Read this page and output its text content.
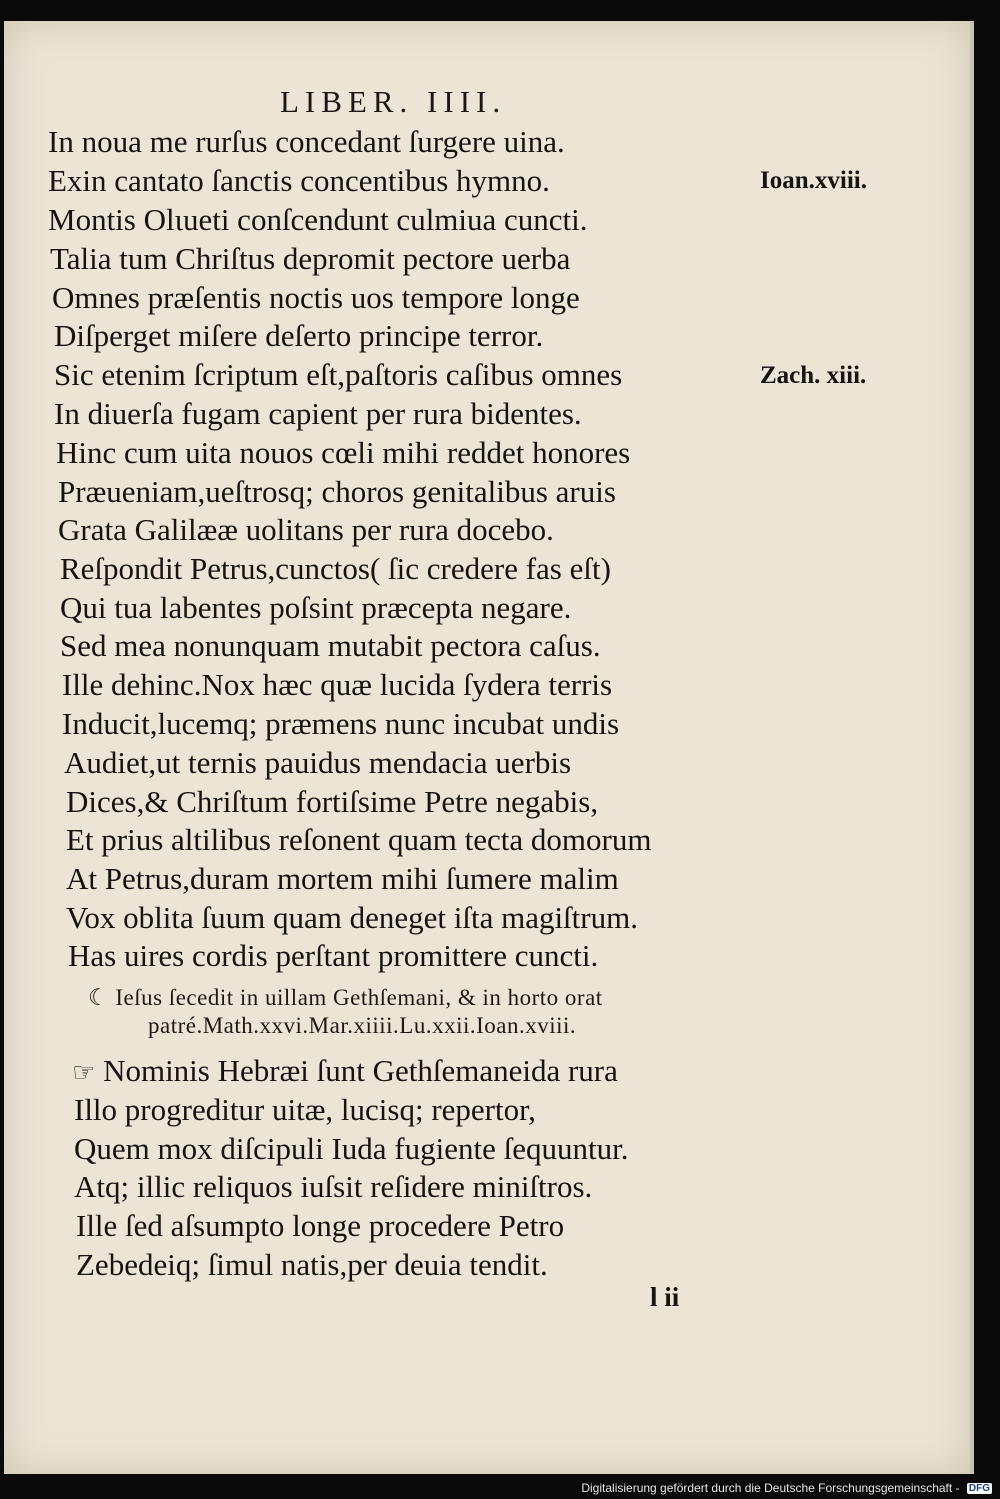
LIBER. IIII.
In noua me rurſus concedant ſurgere uina.
Exin cantato ſanctis concentibus hymno.
Montis Olιueti conſcendunt culmiua cuncti.
Talia tum Chriſtus depromit pectore uerba
Omnes præſentis noctis uos tempore longe
Diſperget miſere deſerto principe terror.
Sic etenim ſcriptum eſt,paſtoris caſibus omnes
In diuerſa fugam capient per rura bidentes.
Hinc cum uita nouos cœli mihi reddet honores
Præueniam,ueſtrosq; choros genitalibus aruis
Grata Galilææ uolitans per rura docebo.
Reſpondit Petrus,cunctos( ſic credere fas eſt)
Qui tua labentes poſsint præcepta negare.
Sed mea nonunquam mutabit pectora caſus.
Ille dehinc.Nox hæc quæ lucida ſydera terris
Inducit,lucemq; præmens nunc incubat undis
Audiet,ut ternis pauidus mendacia uerbis
Dices,& Chriſtum fortiſsime Petre negabis,
Et prius altilibus reſonent quam tecta domorum
At Petrus,duram mortem mihi ſumere malim
Vox oblita ſuum quam deneget iſta magiſtrum.
Has uires cordis perſtant promittere cuncti.
Ioan.xviii.
Zach. xiii.
☾ Ieſus ſecedit in uillam Gethſemani, & in horto orat
patré.Math.xxvi.Mar.xiiii.Lu.xxii.Ioan.xviii.
☞ Nominis Hebræi ſunt Gethſemaneida rura
Illo progreditur uitæ, lucisq; repertor,
Quem mox diſcipuli Iuda fugiente ſequuntur.
Atq; illic reliquos iuſsit reſidere miniſtros.
Ille ſed aſsumpto longe procedere Petro
Zebedeiq; ſimul natis,per deuia tendit.
l ii
Digitalisierung gefördert durch die Deutsche Forschungsgemeinschaft - DFG
